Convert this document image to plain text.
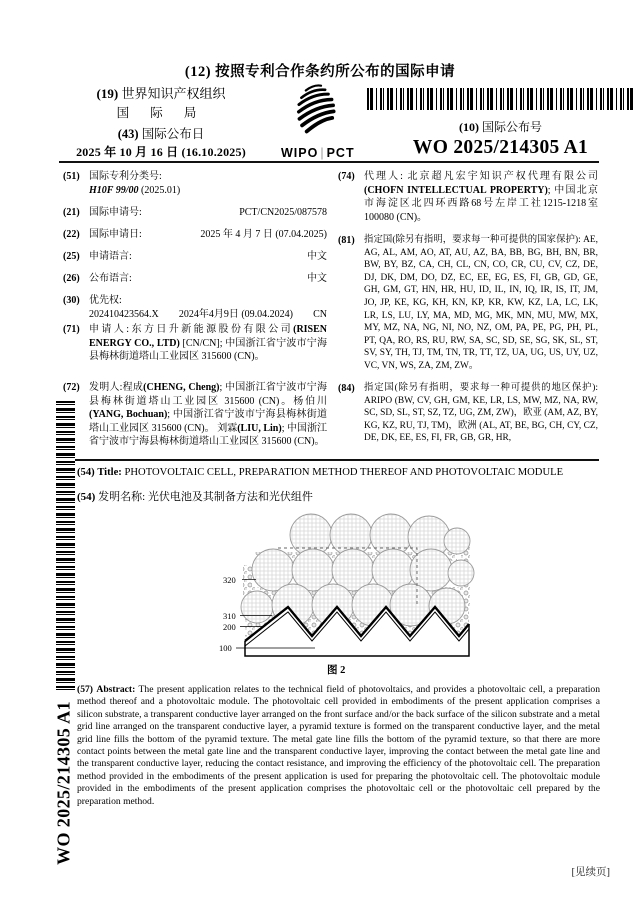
(12) 按照专利合作条约所公布的国际申请
(19) 世界知识产权组织
国 际 局
(43) 国际公布日
2025 年 10 月 16 日 (16.10.2025)	WIPO | PCT
(10) 国际公布号
WO 2025/214305 A1
(51) 国际专利分类号:
H10F 99/00 (2025.01)
(21) 国际申请号:	PCT/CN2025/087578
(22) 国际申请日:	2025 年 4 月 7 日 (07.04.2025)
(25) 申请语言:	中文
(26) 公布语言:	中文
(30) 优先权:
202410423564.X 2024年4月9日 (09.04.2024) CN
(71) 申请人:东方日升新能源股份有限公司(RISEN ENERGY CO., LTD) [CN/CN]; 中国浙江省宁波市宁海县梅林街道塔山工业园区 315600 (CN)。
(72) 发明人:程成(CHENG, Cheng); 中国浙江省宁波市宁海县梅林街道塔山工业园区 315600 (CN)。杨伯川(YANG, Bochuan); 中国浙江省宁波市宁海县梅林街道塔山工业园区 315600 (CN)。 刘霖(LIU, Lin); 中国浙江省宁波市宁海县梅林街道塔山工业园区 315600 (CN)。
(74) 代理人: 北京超凡宏宇知识产权代理有限公司(CHOFN INTELLECTUAL PROPERTY); 中国北京市海淀区北四环西路68号左岸工社1215-1218室 100080 (CN)。
(81) 指定国(除另有指明，要求每一种可提供的国家保护): AE, AG, AL, AM, AO, AT, AU, AZ, BA, BB, BG, BH, BN, BR, BW, BY, BZ, CA, CH, CL, CN, CO, CR, CU, CV, CZ, DE, DJ, DK, DM, DO, DZ, EC, EE, EG, ES, FI, GB, GD, GE, GH, GM, GT, HN, HR, HU, ID, IL, IN, IQ, IR, IS, IT, JM, JO, JP, KE, KG, KH, KN, KP, KR, KW, KZ, LA, LC, LK, LR, LS, LU, LY, MA, MD, MG, MK, MN, MU, MW, MX, MY, MZ, NA, NG, NI, NO, NZ, OM, PA, PE, PG, PH, PL, PT, QA, RO, RS, RU, RW, SA, SC, SD, SE, SG, SK, SL, ST, SV, SY, TH, TJ, TM, TN, TR, TT, TZ, UA, UG, US, UY, UZ, VC, VN, WS, ZA, ZM, ZW。
(84) 指定国(除另有指明，要求每一种可提供的地区保护): ARIPO (BW, CV, GH, GM, KE, LR, LS, MW, MZ, NA, RW, SC, SD, SL, ST, SZ, TZ, UG, ZM, ZW)，欧亚 (AM, AZ, BY, KG, KZ, RU, TJ, TM)，欧洲 (AL, AT, BE, BG, CH, CY, CZ, DE, DK, EE, ES, FI, FR, GB, GR, HR,
(54) Title: PHOTOVOLTAIC CELL, PREPARATION METHOD THEREOF AND PHOTOVOLTAIC MODULE
(54) 发明名称: 光伏电池及其制备方法和光伏组件
320
310
200
100
图 2
(57) Abstract: The present application relates to the technical field of photovoltaics, and provides a photovoltaic cell, a preparation method thereof and a photovoltaic module. The photovoltaic cell provided in embodiments of the present application comprises a silicon substrate, a transparent conductive layer arranged on the front surface and/or the back surface of the silicon substrate and a metal grid line arranged on the transparent conductive layer, a pyramid texture is formed on the transparent conductive layer, and the metal grid line fills the bottom of the pyramid texture. The metal gate line fills the bottom of the pyramid texture, so that there are more contact points between the metal gate line and the transparent conductive layer, improving the contact between the metal gate line and the transparent conductive layer, reducing the contact resistance, and improving the efficiency of the photovoltaic cell. The preparation method provided in the embodiments of the present application is used for preparing the photovoltaic cell. The photovoltaic module provided in the embodiments of the present application comprises the photovoltaic cell or the photovoltaic cell prepared by the preparation method.
WO 2025/214305 A1
[见续页]
